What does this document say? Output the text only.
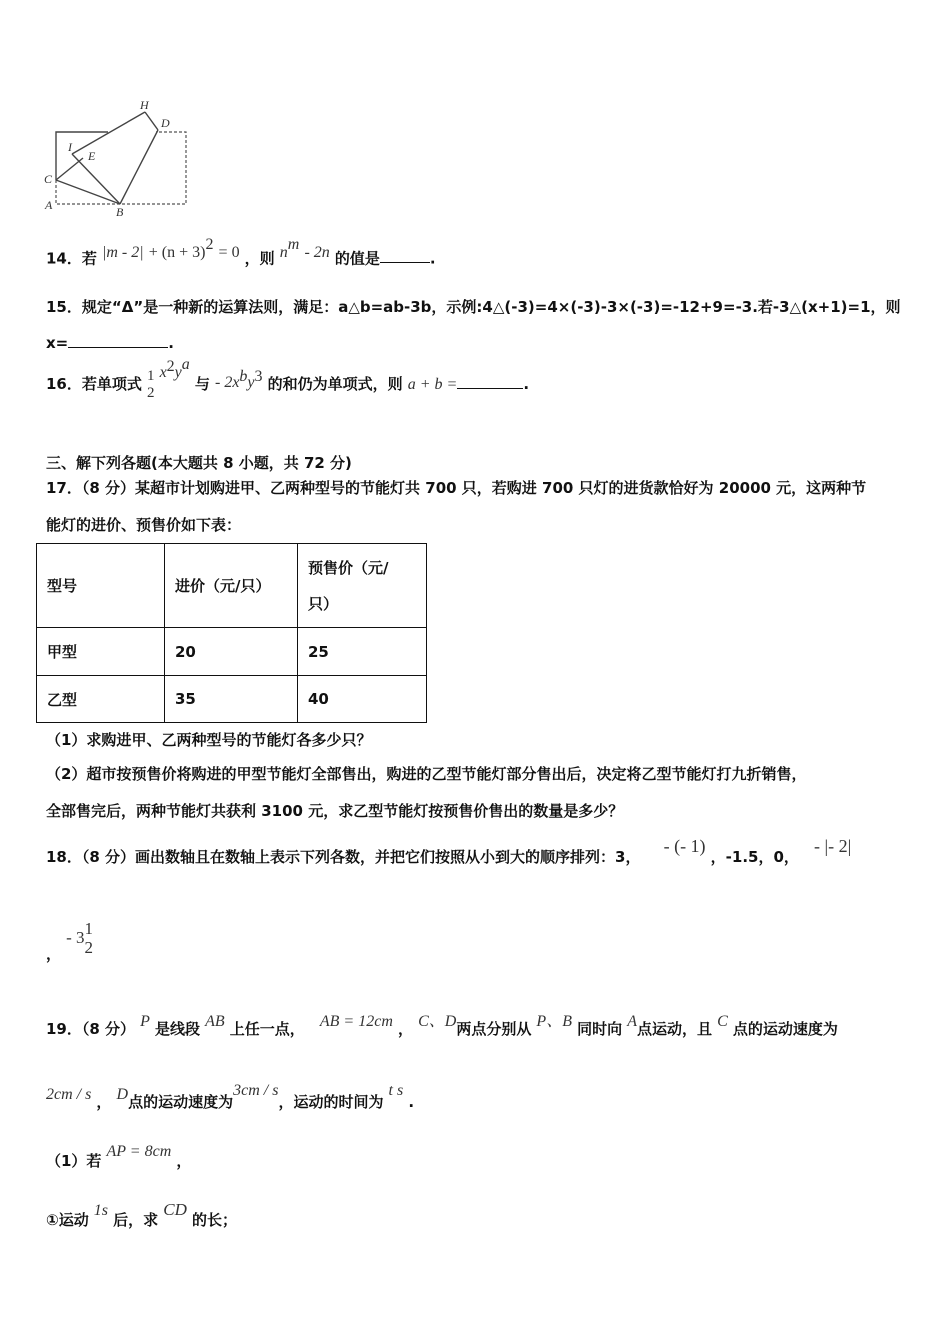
H
D
I
E
C
A	B
14．若 $|m - 2| + (n + 3)^2 = 0$ ，则 $n^m - 2n$ 的值是	.
15．规定“Δ”是一种新的运算法则，满足：a△b=ab-3b，示例:4△(-3)=4×(-3)-3×(-3)=-12+9=-3.若-3△(x+1)=1，则
x=	.
16．若单项式 1
2
$x^2y^a$ 与 - $2x^by^3$ 的和仍为单项式，则 a + b =	.
三、解下列各题(本大题共 8 小题，共 72 分)
17．（8 分）某超市计划购进甲、乙两种型号的节能灯共 700 只，若购进 700 只灯的进货款恰好为 20000 元，这两种节
能灯的进价、预售价如下表：
型号	进价（元/只）	预售价（元/
只）

甲型	20	25
乙型	35	40
（1）求购进甲、乙两种型号的节能灯各多少只？
（2）超市按预售价将购进的甲型节能灯全部售出，购进的乙型节能灯部分售出后，决定将乙型节能灯打九折销售，
全部售完后，两种节能灯共获利 3100 元，求乙型节能灯按预售价售出的数量是多少？
18．（8 分）画出数轴且在数轴上表示下列各数，并把它们按照从小到大的顺序排列：3， - (- 1) ，-1.5，0， - |- 2|
， - 3 1
2
19．（8 分） P 是线段 AB 上任一点， AB = 12cm ， C、D两点分别从 P、B 同时向 A点运动，且 C 点的运动速度为
2cm / s ， D点的运动速度为3cm / s，运动的时间为 t s .
（1）若 AP = 8cm ，
①运动 1s 后，求 CD 的长；
